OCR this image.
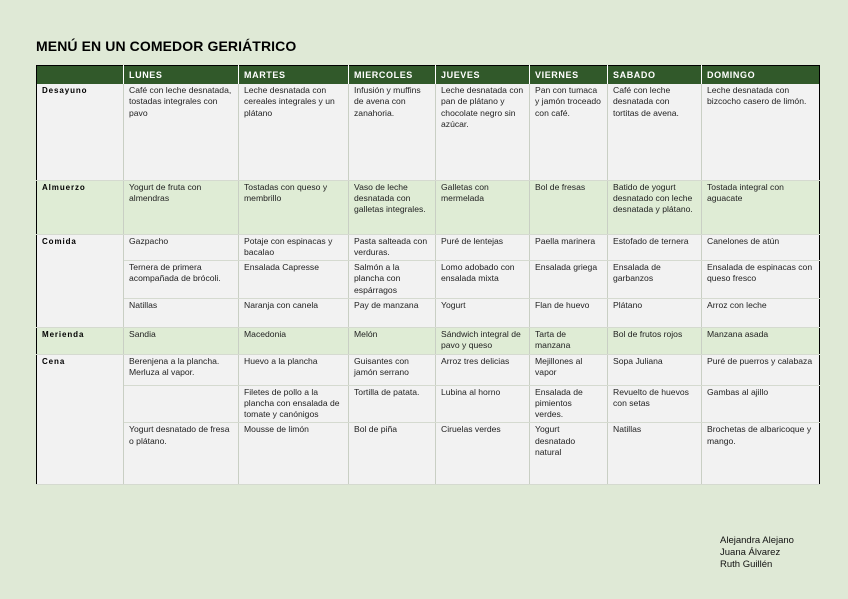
MENÚ EN UN COMEDOR GERIÁTRICO
	LUNES	MARTES	MIERCOLES	JUEVES	VIERNES	SABADO	DOMINGO
Desayuno	Café con leche desnatada, tostadas integrales con pavo	Leche desnatada con cereales integrales y un plátano	Infusión y muffins de avena con zanahoria.	Leche desnatada con pan de plátano y chocolate negro sin azúcar.	Pan con tumaca y jamón troceado con café.	Café con leche desnatada con tortitas de avena.	Leche desnatada con bizcocho casero de limón.
Almuerzo	Yogurt de fruta con almendras	Tostadas con queso y membrillo	Vaso de leche desnatada con galletas integrales.	Galletas con mermelada	Bol de fresas	Batido de yogurt desnatado con leche desnatada y plátano.	Tostada integral con aguacate
Comida	Gazpacho	Potaje con espinacas y bacalao	Pasta salteada con verduras.	Puré de lentejas	Paella marinera	Estofado de ternera	Canelones de atún
	Ternera de primera acompañada de brócoli.	Ensalada Capresse	Salmón a la plancha con espárragos	Lomo adobado con ensalada mixta	Ensalada griega	Ensalada de garbanzos	Ensalada de espinacas con queso fresco
	Natillas	Naranja con canela	Pay de manzana	Yogurt	Flan de huevo	Plátano	Arroz con leche
Merienda	Sandia	Macedonia	Melón	Sándwich integral de pavo y queso	Tarta de manzana	Bol de frutos rojos	Manzana asada
Cena	Berenjena a la plancha. Merluza al vapor.	Huevo a la plancha	Guisantes con jamón serrano	Arroz tres delicias	Mejillones al vapor	Sopa Juliana	Puré de puerros y calabaza
		Filetes de pollo a la plancha con ensalada de tomate y canónigos	Tortilla de patata.	Lubina al horno	Ensalada de pimientos verdes.	Revuelto de huevos con setas	Gambas al ajillo
	Yogurt desnatado de fresa o plátano.	Mousse de limón	Bol de piña	Ciruelas verdes	Yogurt desnatado natural	Natillas	Brochetas de albaricoque y mango.
Alejandra Alejano
Juana Álvarez
Ruth Guillén
